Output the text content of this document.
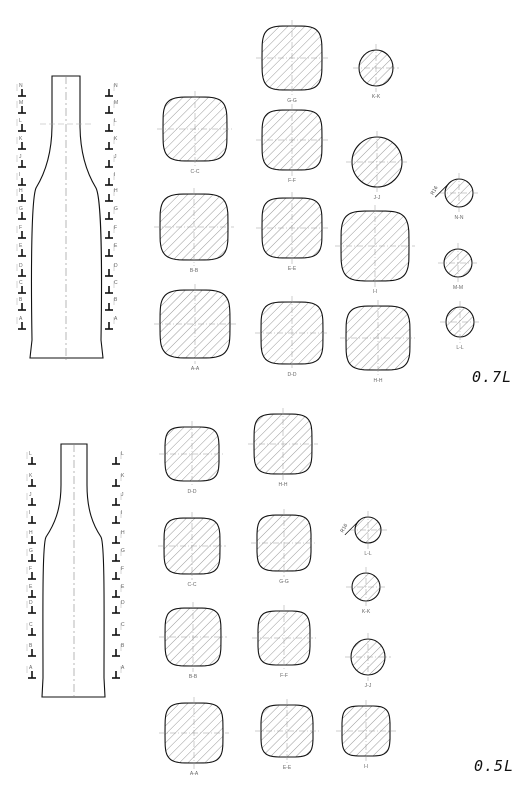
A	A
B	B
C	C
D	D
E	E
F	F
G	G
H	H
I	I
J	J
K	K
L	L
M	M
N	N
A-A
B-B
C-C
D-D
E-E
F-F
G-G
H-H
I-I
J-J
K-K
L-L
M-M
N-N
R16
A	A
B	B
C	C
D	D
E	E
F	F
G	G
H	H
I	I
J	J
K	K
L	L
A-A
B-B
C-C
D-D
E-E
F-F
G-G
H-H
I-I
J-J
K-K
L-L
R16
0.7L
0.5L
